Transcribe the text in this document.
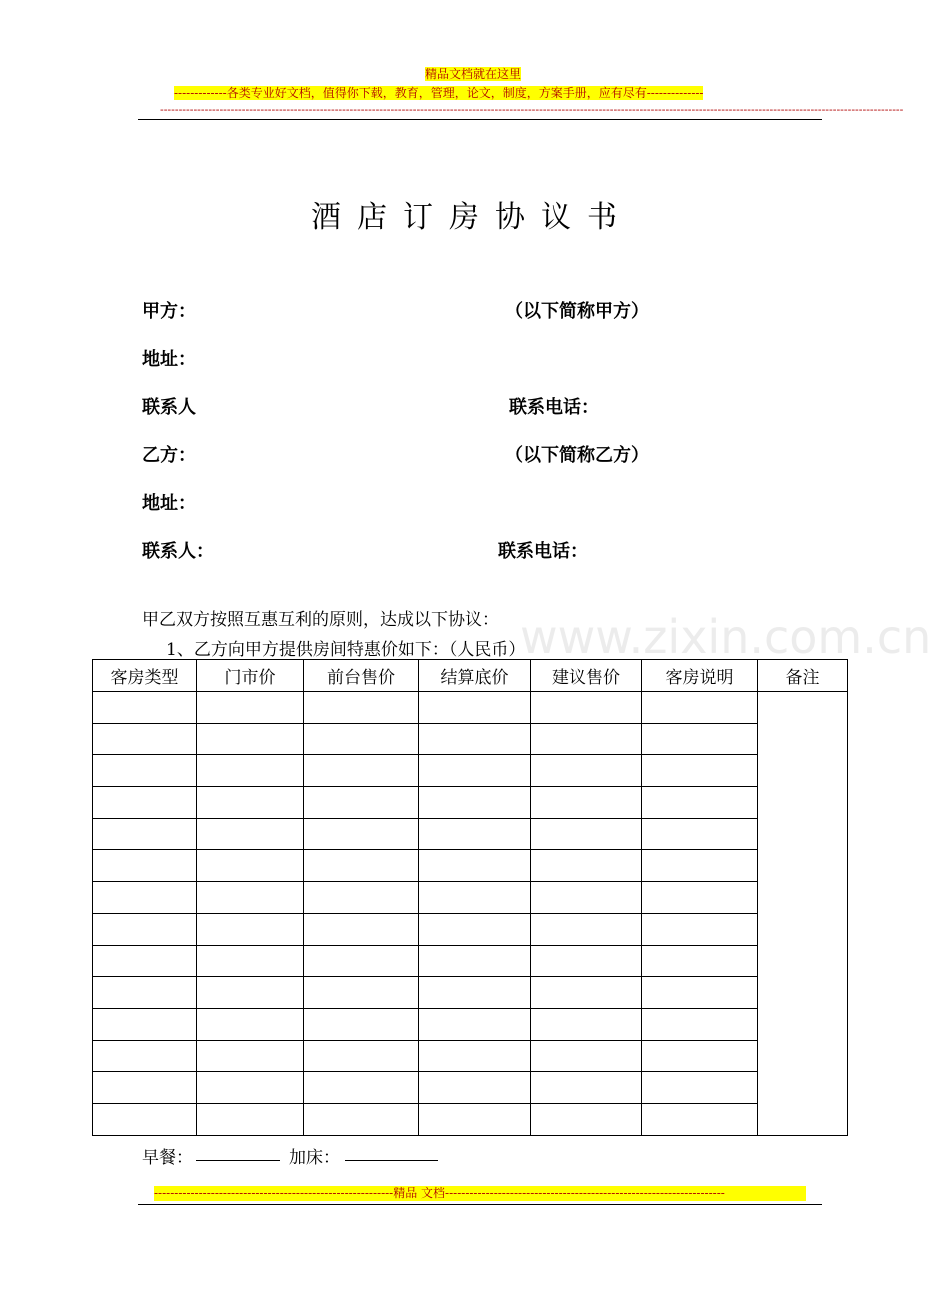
精品文档就在这里
-------------各类专业好文档，值得你下载，教育，管理，论文，制度，方案手册，应有尽有--------------
--------------------------------------------------------------------------------------------------------------------------------------------------------------------------------------------------------
www.zixin.com.cn
酒店订房协议书
甲方：	（以下简称甲方）
地址：
联系人	联系电话：
乙方：	（以下简称乙方）
地址：
联系人：	联系电话：
甲乙双方按照互惠互利的原则，达成以下协议：
1、乙方向甲方提供房间特惠价如下：（人民币）
客房类型	门市价	前台售价	结算底价	建议售价	客房说明	备注

早餐：	加床：
-----------------------------------------------------------精品 文档---------------------------------------------------------------------
